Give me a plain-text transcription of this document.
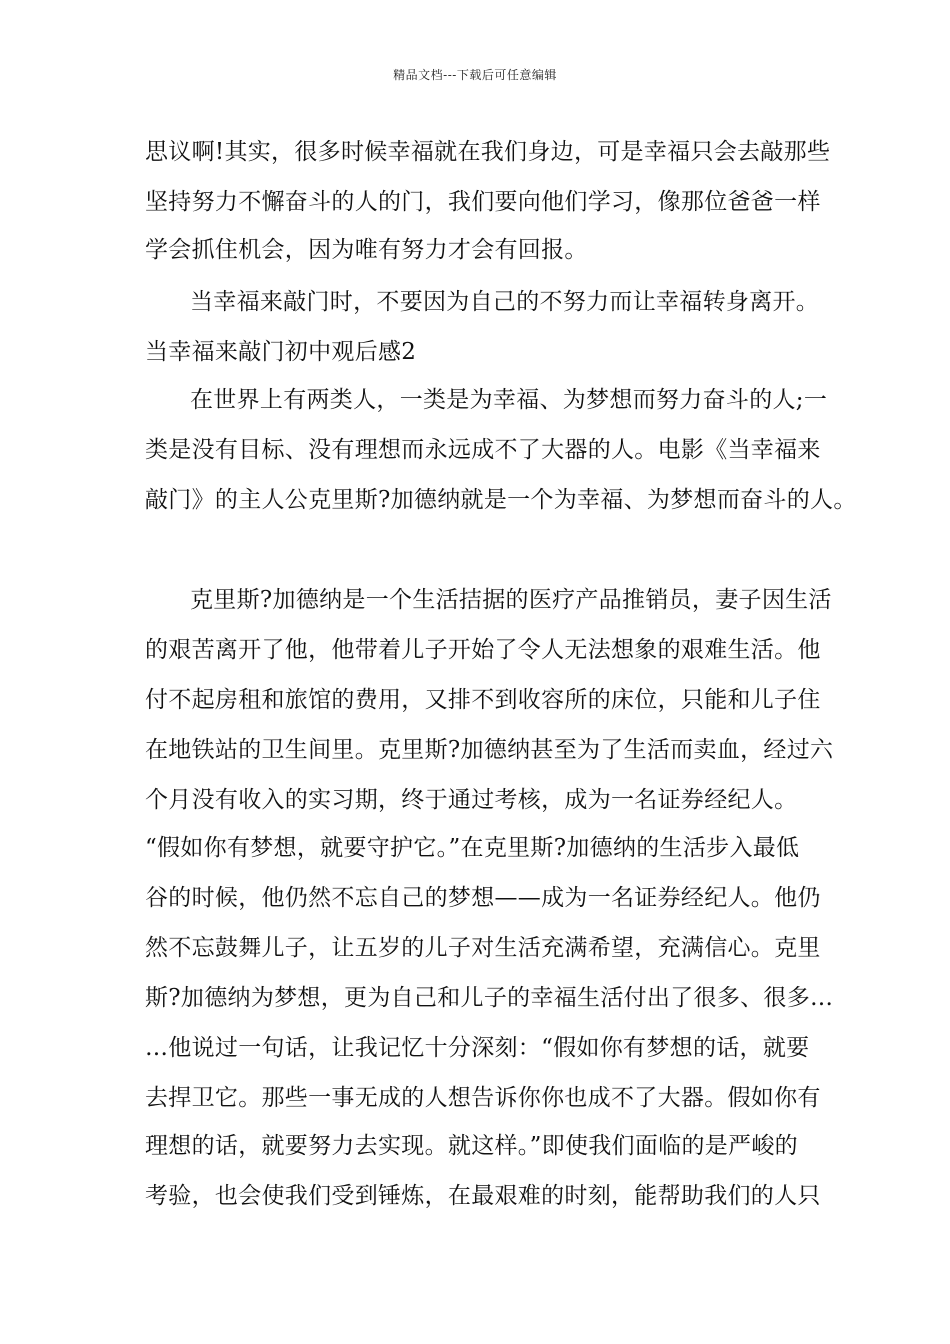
精品文档---下载后可任意编辑
思议啊!其实，很多时候幸福就在我们身边，可是幸福只会去敲那些
坚持努力不懈奋斗的人的门，我们要向他们学习，像那位爸爸一样
学会抓住机会，因为唯有努力才会有回报。
当幸福来敲门时，不要因为自己的不努力而让幸福转身离开。
当幸福来敲门初中观后感2
在世界上有两类人，一类是为幸福、为梦想而努力奋斗的人;一
类是没有目标、没有理想而永远成不了大器的人。电影《当幸福来
敲门》的主人公克里斯?加德纳就是一个为幸福、为梦想而奋斗的人。
克里斯?加德纳是一个生活拮据的医疗产品推销员，妻子因生活
的艰苦离开了他，他带着儿子开始了令人无法想象的艰难生活。他
付不起房租和旅馆的费用，又排不到收容所的床位，只能和儿子住
在地铁站的卫生间里。克里斯?加德纳甚至为了生活而卖血，经过六
个月没有收入的实习期，终于通过考核，成为一名证券经纪人。
“假如你有梦想，就要守护它。”在克里斯?加德纳的生活步入最低
谷的时候，他仍然不忘自己的梦想——成为一名证券经纪人。他仍
然不忘鼓舞儿子，让五岁的儿子对生活充满希望，充满信心。克里
斯?加德纳为梦想，更为自己和儿子的幸福生活付出了很多、很多…
…他说过一句话，让我记忆十分深刻：“假如你有梦想的话，就要
去捍卫它。那些一事无成的人想告诉你你也成不了大器。假如你有
理想的话，就要努力去实现。就这样。”即使我们面临的是严峻的
考验，也会使我们受到锤炼，在最艰难的时刻，能帮助我们的人只
